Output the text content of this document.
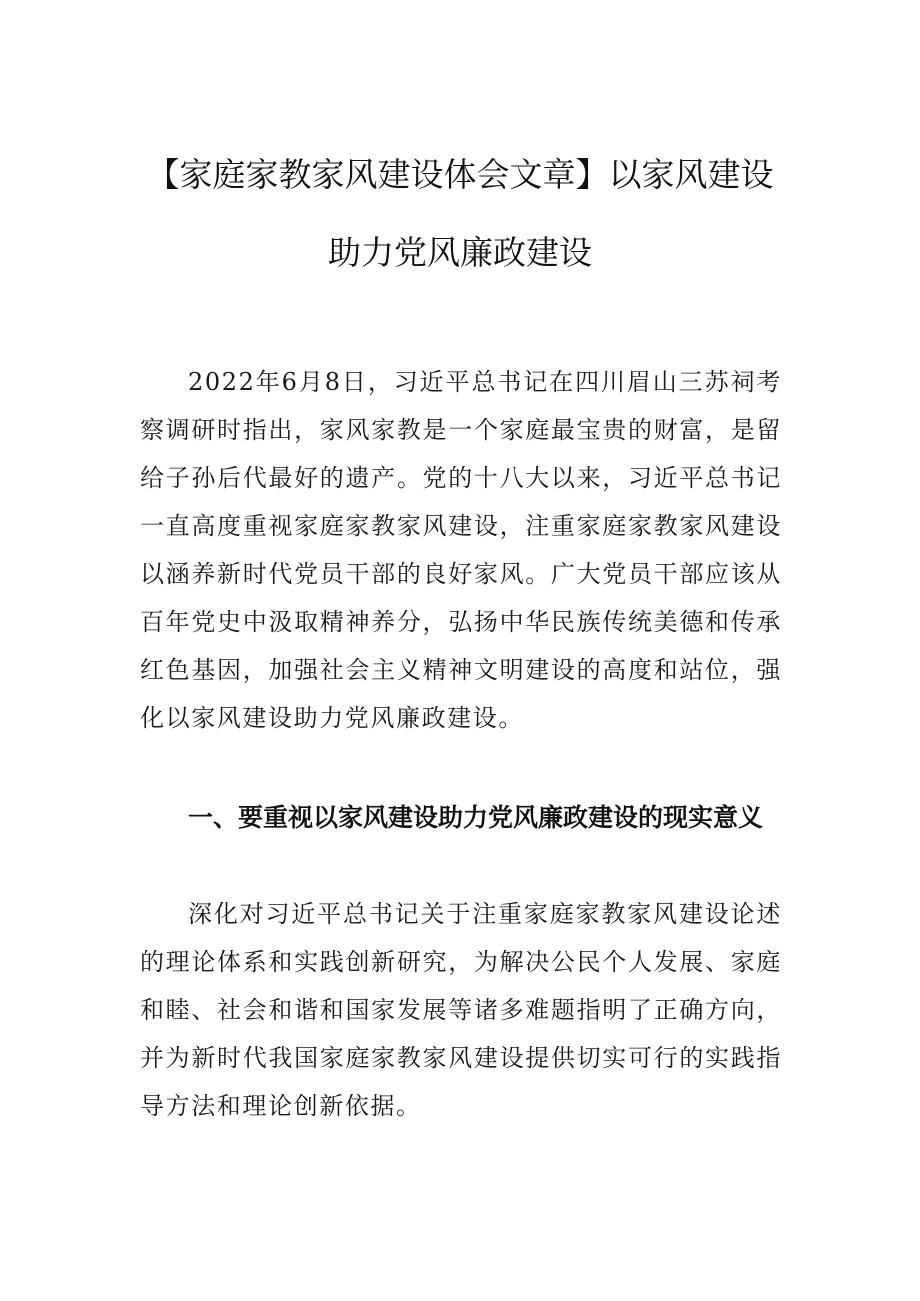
【家庭家教家风建设体会文章】以家风建设
助力党风廉政建设

2022年6月8日，习近平总书记在四川眉山三苏祠考察调研时指出，家风家教是一个家庭最宝贵的财富，是留给子孙后代最好的遗产。党的十八大以来，习近平总书记一直高度重视家庭家教家风建设，注重家庭家教家风建设以涵养新时代党员干部的良好家风。广大党员干部应该从百年党史中汲取精神养分，弘扬中华民族传统美德和传承红色基因，加强社会主义精神文明建设的高度和站位，强化以家风建设助力党风廉政建设。

一、要重视以家风建设助力党风廉政建设的现实意义

深化对习近平总书记关于注重家庭家教家风建设论述的理论体系和实践创新研究，为解决公民个人发展、家庭和睦、社会和谐和国家发展等诸多难题指明了正确方向，并为新时代我国家庭家教家风建设提供切实可行的实践指导方法和理论创新依据。
